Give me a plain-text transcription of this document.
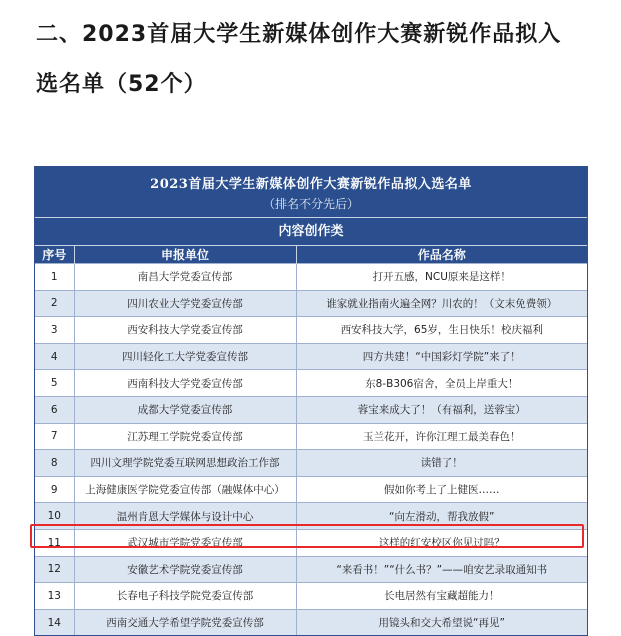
二、2023首届大学生新媒体创作大赛新锐作品拟入
选名单（52个）
2023首届大学生新媒体创作大赛新锐作品拟入选名单
（排名不分先后）
内容创作类
序号	申报单位	作品名称
1	南昌大学党委宣传部	打开五感，NCU原来是这样！
2	四川农业大学党委宣传部	谁家就业指南火遍全网？川农的！（文末免费领）
3	西安科技大学党委宣传部	西安科技大学，65岁，生日快乐！校庆福利
4	四川轻化工大学党委宣传部	四方共建！“中国彩灯学院”来了！
5	西南科技大学党委宣传部	东8-B306宿舍，全员上岸重大！
6	成都大学党委宣传部	蓉宝来成大了！（有福利，送蓉宝）
7	江苏理工学院党委宣传部	玉兰花开，许你江理工最美春色！
8	四川文理学院党委互联网思想政治工作部	读错了！
9	上海健康医学院党委宣传部（融媒体中心）	假如你考上了上健医……
10	温州肯恩大学媒体与设计中心	“向左滑动，帮我放假”
11	武汉城市学院党委宣传部	这样的红安校区你见过吗？
12	安徽艺术学院党委宣传部	“来看书！”“什么书？”——咱安艺录取通知书
13	长春电子科技学院党委宣传部	长电居然有宝藏超能力！
14	西南交通大学希望学院党委宣传部	用镜头和交大希望说“再见”
